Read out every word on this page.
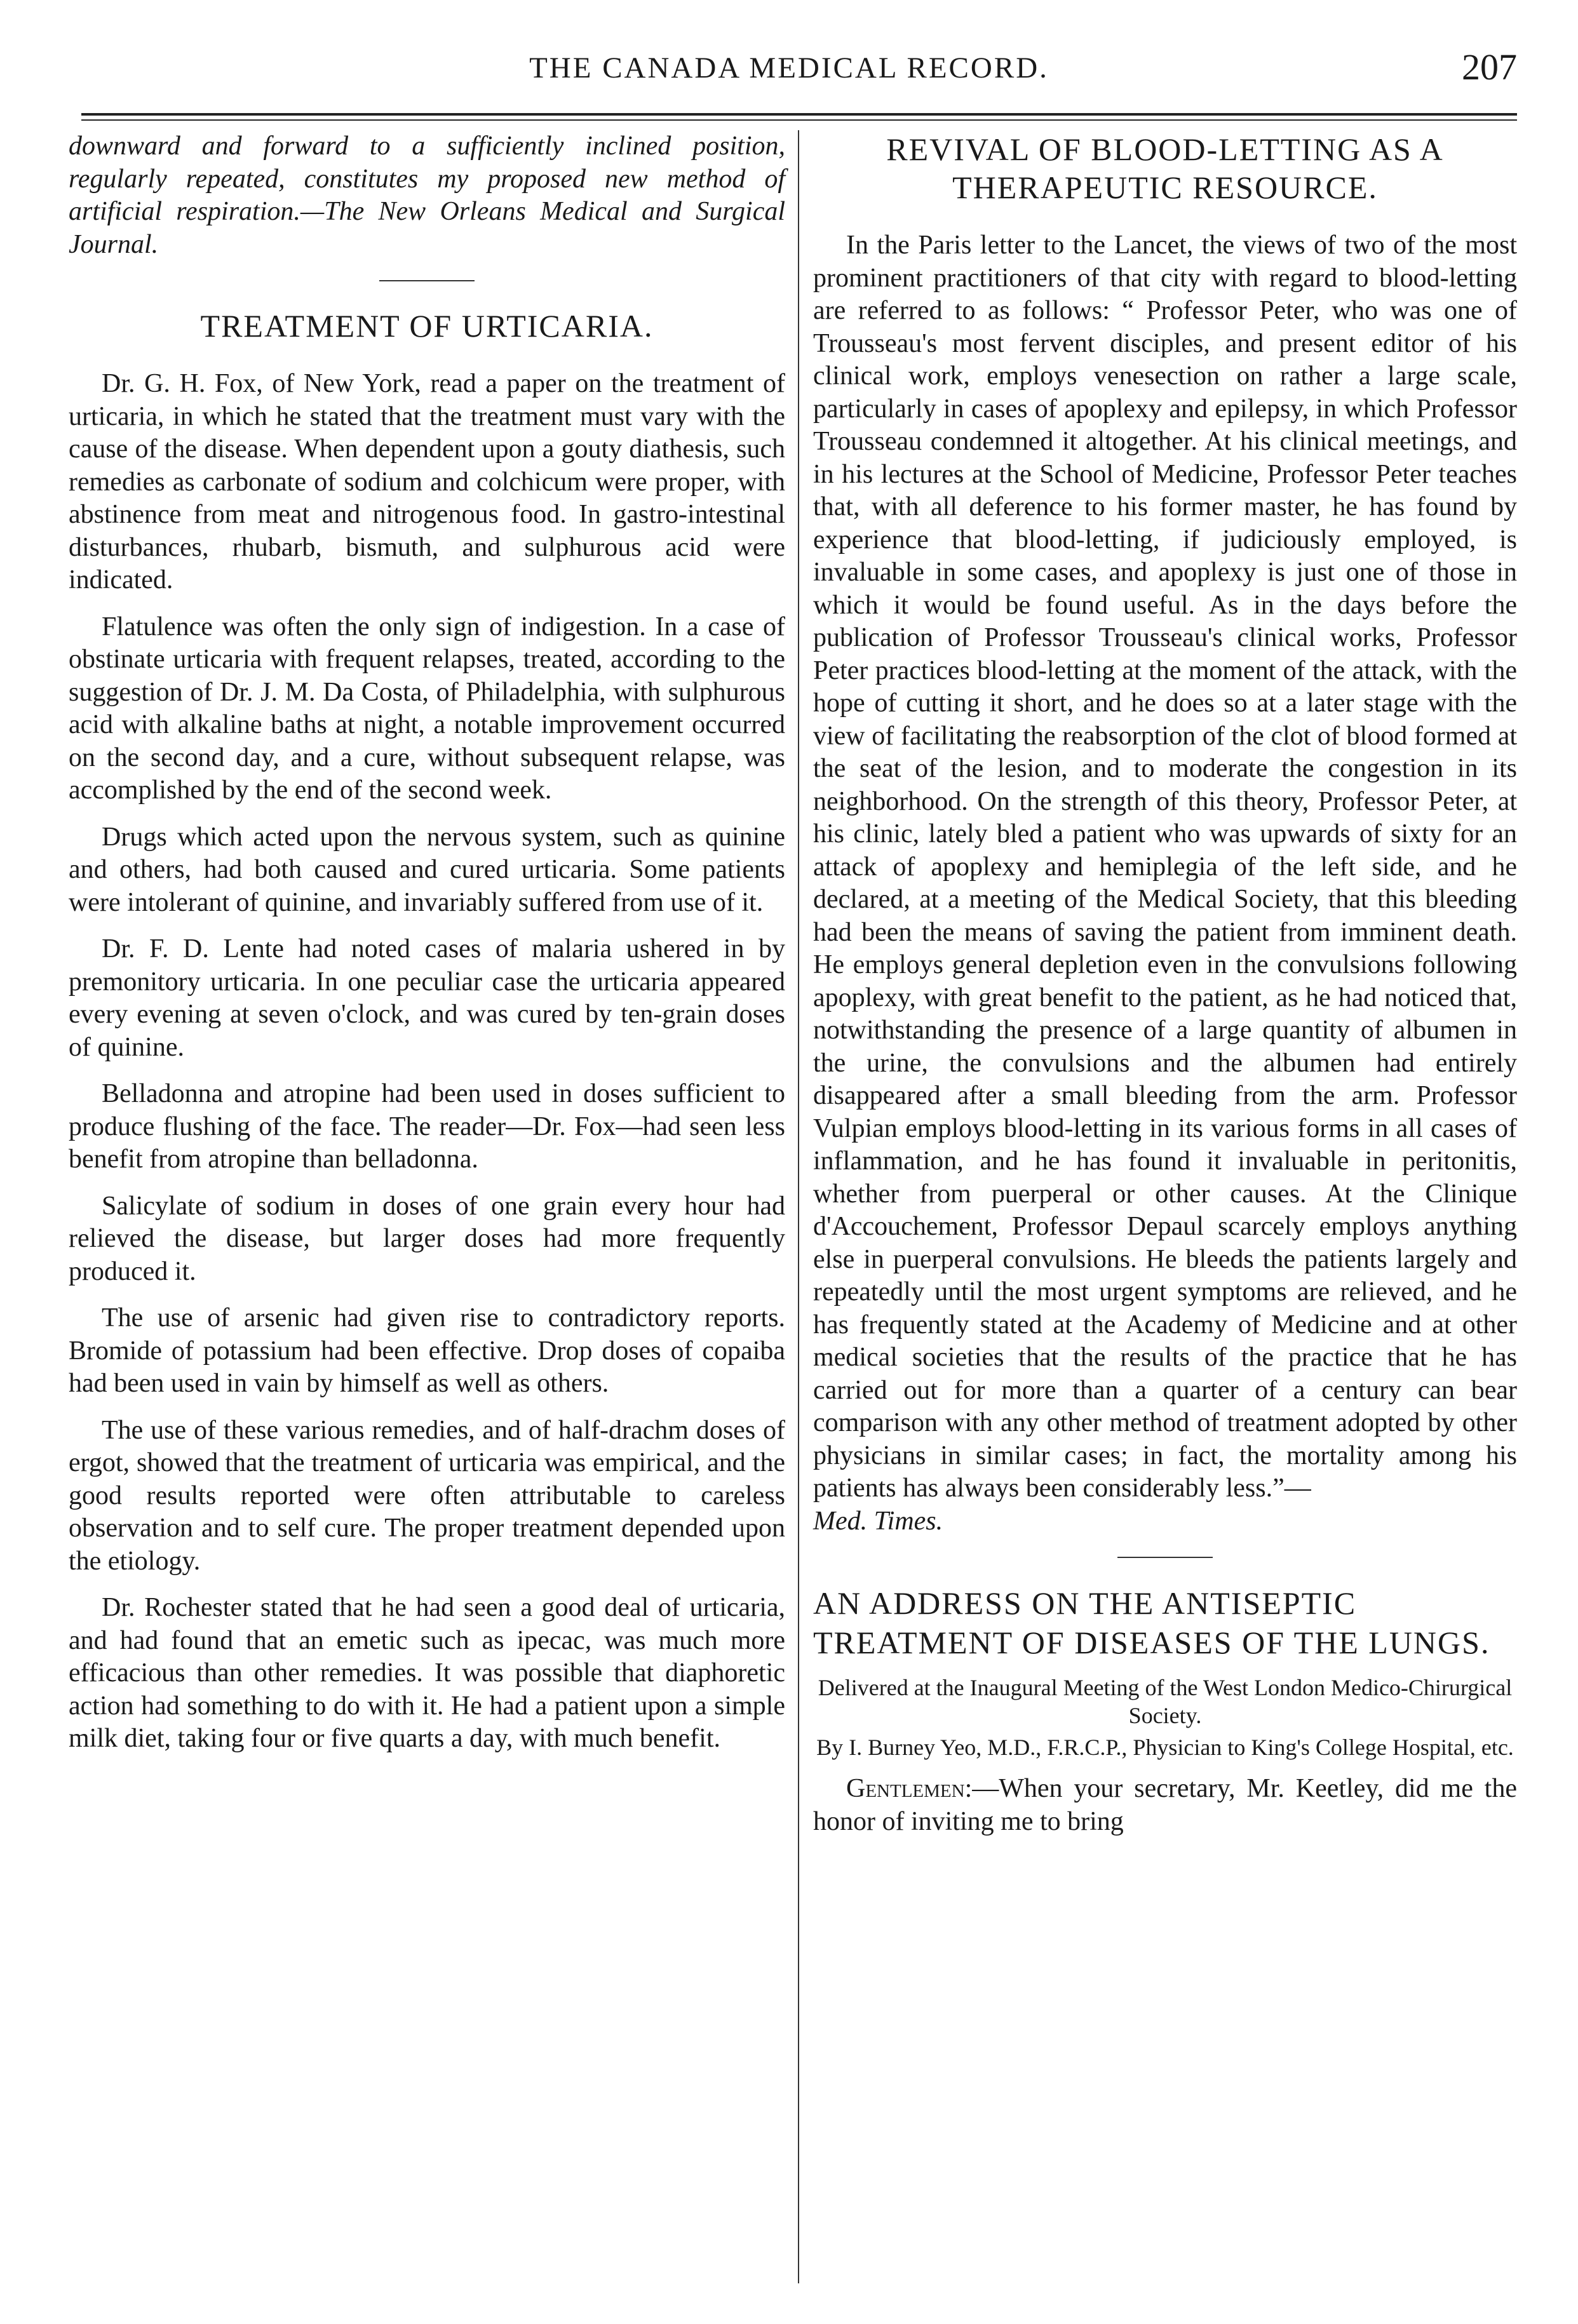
THE CANADA MEDICAL RECORD.	207

downward and forward to a sufficiently inclined position, regularly repeated, constitutes my proposed new method of artificial respiration.—The New Orleans Medical and Surgical Journal.

TREATMENT OF URTICARIA.

Dr. G. H. Fox, of New York, read a paper on the treatment of urticaria, in which he stated that the treatment must vary with the cause of the disease. When dependent upon a gouty diathesis, such remedies as carbonate of sodium and colchicum were proper, with abstinence from meat and nitrogenous food. In gastro-intestinal disturbances, rhubarb, bismuth, and sulphurous acid were indicated.

Flatulence was often the only sign of indigestion. In a case of obstinate urticaria with frequent relapses, treated, according to the suggestion of Dr. J. M. Da Costa, of Philadelphia, with sulphurous acid with alkaline baths at night, a notable improvement occurred on the second day, and a cure, without subsequent relapse, was accomplished by the end of the second week.

Drugs which acted upon the nervous system, such as quinine and others, had both caused and cured urticaria. Some patients were intolerant of quinine, and invariably suffered from use of it.

Dr. F. D. Lente had noted cases of malaria ushered in by premonitory urticaria. In one peculiar case the urticaria appeared every evening at seven o'clock, and was cured by ten-grain doses of quinine.

Belladonna and atropine had been used in doses sufficient to produce flushing of the face. The reader—Dr. Fox—had seen less benefit from atropine than belladonna.

Salicylate of sodium in doses of one grain every hour had relieved the disease, but larger doses had more frequently produced it.

The use of arsenic had given rise to contradictory reports. Bromide of potassium had been effective. Drop doses of copaiba had been used in vain by himself as well as others.

The use of these various remedies, and of half-drachm doses of ergot, showed that the treatment of urticaria was empirical, and the good results reported were often attributable to careless observation and to self cure. The proper treatment depended upon the etiology.

Dr. Rochester stated that he had seen a good deal of urticaria, and had found that an emetic such as ipecac, was much more efficacious than other remedies. It was possible that diaphoretic action had something to do with it. He had a patient upon a simple milk diet, taking four or five quarts a day, with much benefit.

REVIVAL OF BLOOD-LETTING AS A THERAPEUTIC RESOURCE.

In the Paris letter to the Lancet, the views of two of the most prominent practitioners of that city with regard to blood-letting are referred to as follows: “ Professor Peter, who was one of Trousseau's most fervent disciples, and present editor of his clinical work, employs venesection on rather a large scale, particularly in cases of apoplexy and epilepsy, in which Professor Trousseau condemned it altogether. At his clinical meetings, and in his lectures at the School of Medicine, Professor Peter teaches that, with all deference to his former master, he has found by experience that blood-letting, if judiciously employed, is invaluable in some cases, and apoplexy is just one of those in which it would be found useful. As in the days before the publication of Professor Trousseau's clinical works, Professor Peter practices blood-letting at the moment of the attack, with the hope of cutting it short, and he does so at a later stage with the view of facilitating the reabsorption of the clot of blood formed at the seat of the lesion, and to moderate the congestion in its neighborhood. On the strength of this theory, Professor Peter, at his clinic, lately bled a patient who was upwards of sixty for an attack of apoplexy and hemiplegia of the left side, and he declared, at a meeting of the Medical Society, that this bleeding had been the means of saving the patient from imminent death. He employs general depletion even in the convulsions following apoplexy, with great benefit to the patient, as he had noticed that, notwithstanding the presence of a large quantity of albumen in the urine, the convulsions and the albumen had entirely disappeared after a small bleeding from the arm. Professor Vulpian employs blood-letting in its various forms in all cases of inflammation, and he has found it invaluable in peritonitis, whether from puerperal or other causes. At the Clinique d'Accouchement, Professor Depaul scarcely employs anything else in puerperal convulsions. He bleeds the patients largely and repeatedly until the most urgent symptoms are relieved, and he has frequently stated at the Academy of Medicine and at other medical societies that the results of the practice that he has carried out for more than a quarter of a century can bear comparison with any other method of treatment adopted by other physicians in similar cases; in fact, the mortality among his patients has always been considerably less.”—
Med. Times.

AN ADDRESS ON THE ANTISEPTIC TREATMENT OF DISEASES OF THE LUNGS.

Delivered at the Inaugural Meeting of the West London Medico-Chirurgical Society.

By I. Burney Yeo, M.D., F.R.C.P., Physician to King's College Hospital, etc.

Gentlemen:—When your secretary, Mr. Keetley, did me the honor of inviting me to bring
